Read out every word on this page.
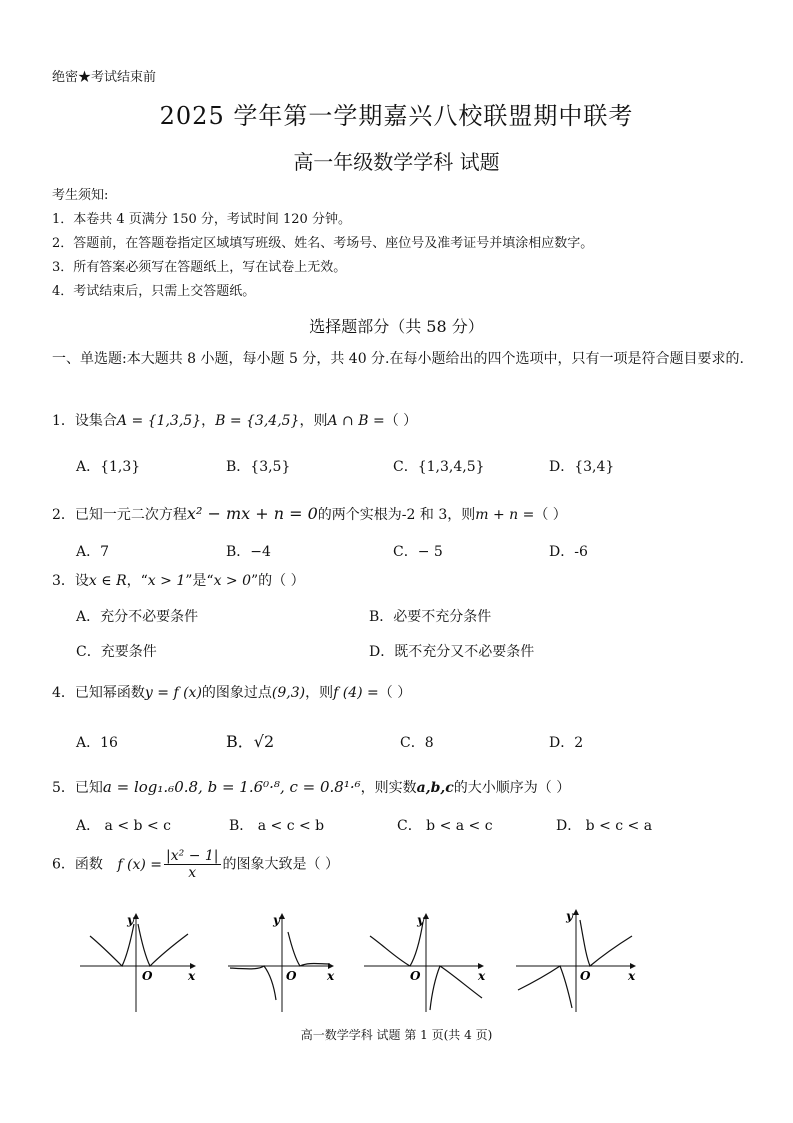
绝密★考试结束前
2025 学年第一学期嘉兴八校联盟期中联考
高一年级数学学科 试题
考生须知:
1．本卷共 4 页满分 150 分，考试时间 120 分钟。
2．答题前，在答题卷指定区域填写班级、姓名、考场号、座位号及准考证号并填涂相应数字。
3．所有答案必须写在答题纸上，写在试卷上无效。
4．考试结束后，只需上交答题纸。
选择题部分（共 58 分）
一、单选题:本大题共 8 小题，每小题 5 分，共 40 分.在每小题给出的四个选项中，只有一项是符合题目要求的.
1．设集合A = {1,3,5}，B = {3,4,5}，则A ∩ B =（ ）
A．{1,3}	B．{3,5}	C．{1,3,4,5}	D．{3,4}
2．已知一元二次方程x² − mx + n = 0的两个实根为-2 和 3，则m + n =（ ）
A．7	B．−4	C．− 5	D．-6
3．设x ∈ R，“x > 1”是“x > 0”的（ ）
A．充分不必要条件	B．必要不充分条件
C．充要条件	D．既不充分又不必要条件
4．已知幂函数y = f (x)的图象过点(9,3)，则f (4) =（ ）
A．16	B．√2	C．8	D．2
5．已知a = log₁.₆0.8, b = 1.6⁰·⁸, c = 0.8¹·⁶，则实数a,b,c的大小顺序为（ ）
A． a < b < c	B． a < c < b	C． b < a < c	D． b < c < a
6．函数 f $(x) = \frac{\text{|x² − 1|}}{x}$ 的图象大致是（ ）
y
O	x
y
O	x
y
O	x
y
O	x
高一数学学科 试题 第 1 页(共 4 页)
